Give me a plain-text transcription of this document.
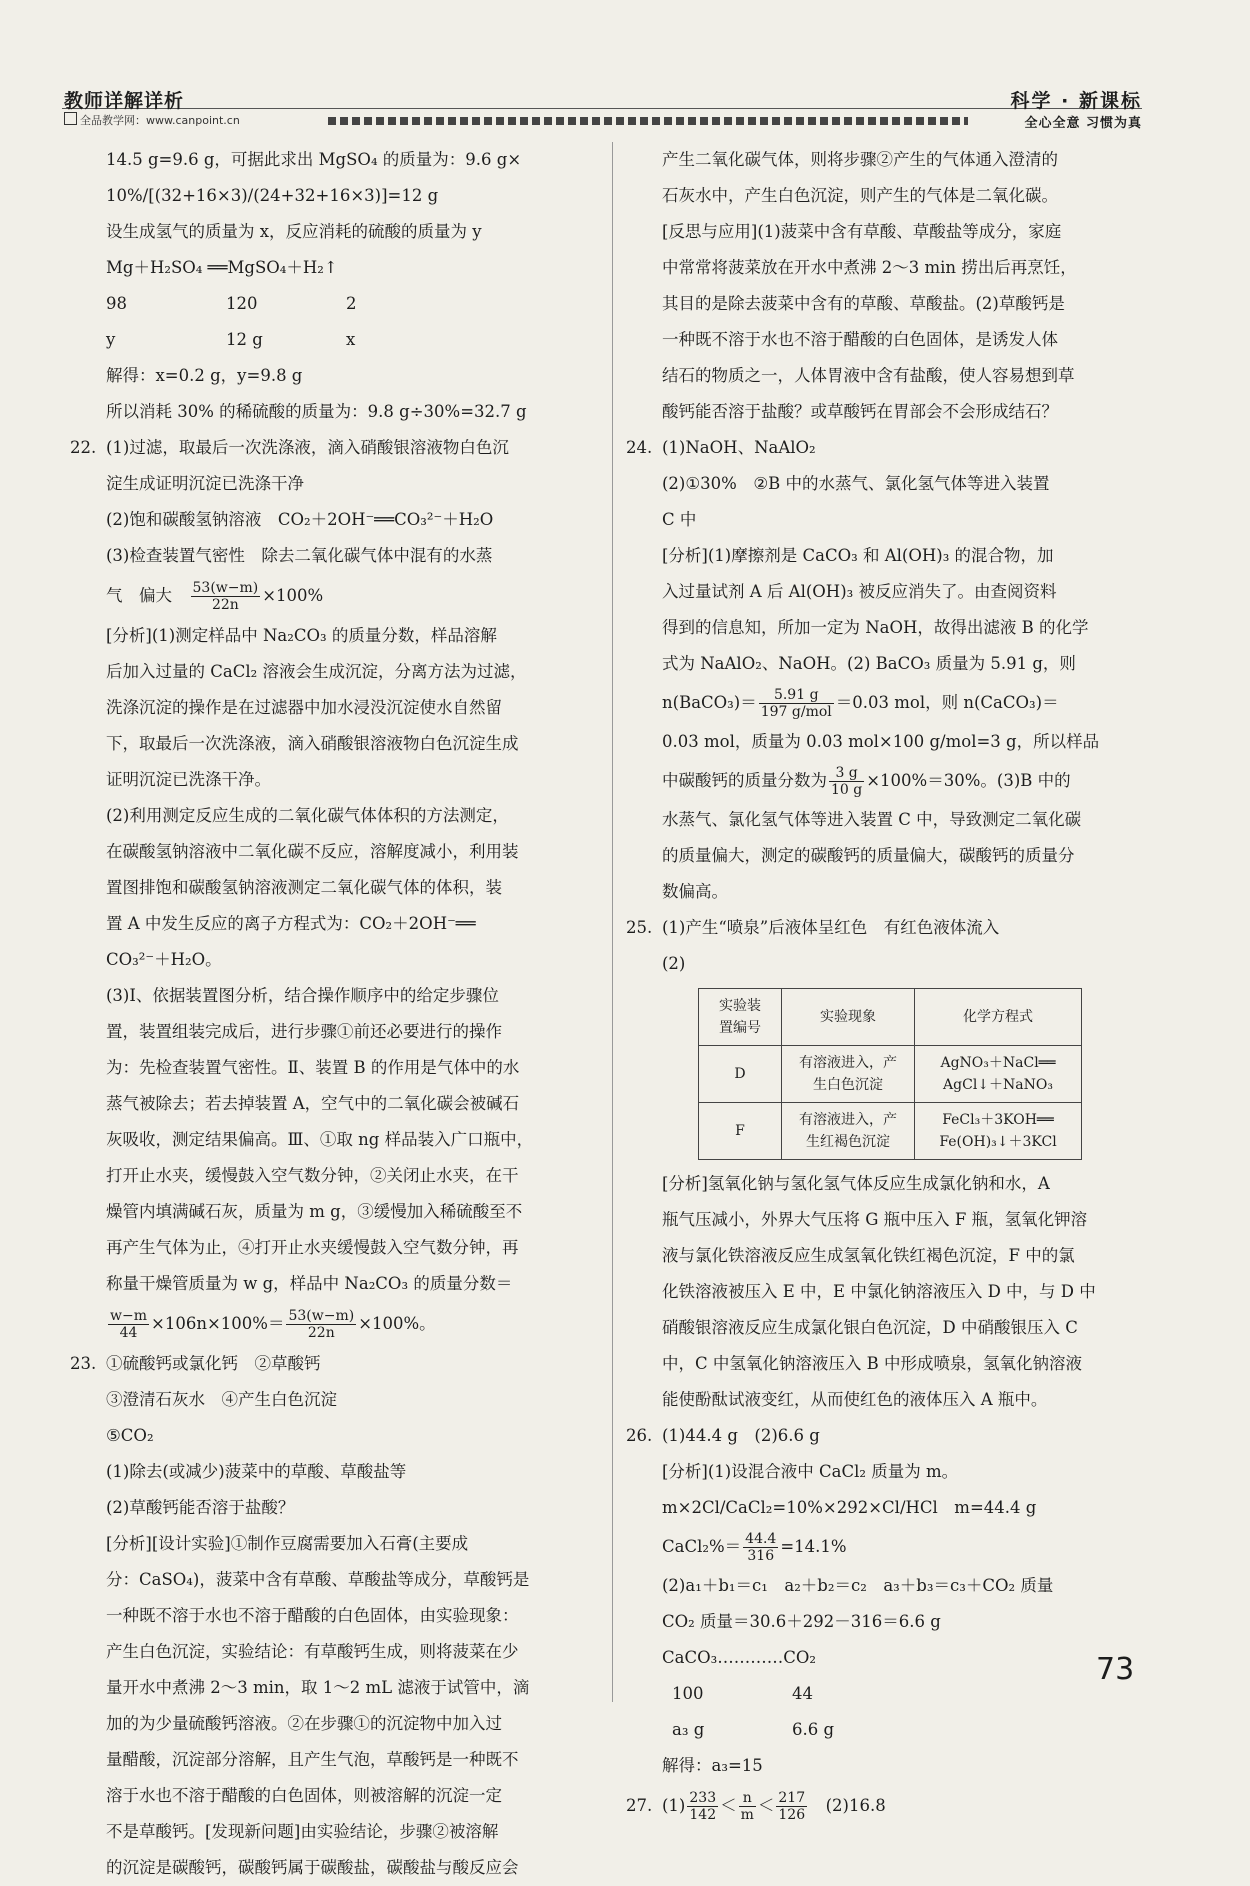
教师详解详析
全品教学网：www.canpoint.cn
科学 · 新课标
全心全意 习惯为真
14.5 g=9.6 g，可据此求出 MgSO₄ 的质量为：9.6 g×
10%/[(32+16×3)/(24+32+16×3)]=12 g
设生成氢气的质量为 x，反应消耗的硫酸的质量为 y
Mg＋H₂SO₄ ══MgSO₄＋H₂↑
98	120	2
y	12 g	x
解得：x=0.2 g，y=9.8 g
所以消耗 30% 的稀硫酸的质量为：9.8 g÷30%=32.7 g
22. (1)过滤，取最后一次洗涤液，滴入硝酸银溶液物白色沉
淀生成证明沉淀已洗涤干净
(2)饱和碳酸氢钠溶液　CO₂＋2OH⁻══CO₃²⁻＋H₂O
(3)检查装置气密性　除去二氧化碳气体中混有的水蒸
气　偏大　 $\frac{53(w-m)}{22n} \times 100\%$
[分析](1)测定样品中 Na₂CO₃ 的质量分数，样品溶解
后加入过量的 CaCl₂ 溶液会生成沉淀，分离方法为过滤，
洗涤沉淀的操作是在过滤器中加水浸没沉淀使水自然留
下，取最后一次洗涤液，滴入硝酸银溶液物白色沉淀生成
证明沉淀已洗涤干净。
(2)利用测定反应生成的二氧化碳气体体积的方法测定，
在碳酸氢钠溶液中二氧化碳不反应，溶解度减小，利用装
置图排饱和碳酸氢钠溶液测定二氧化碳气体的体积，装
置 A 中发生反应的离子方程式为：CO₂＋2OH⁻══
CO₃²⁻＋H₂O。
(3)Ⅰ、依据装置图分析，结合操作顺序中的给定步骤位
置，装置组装完成后，进行步骤①前还必要进行的操作
为：先检查装置气密性。Ⅱ、装置 B 的作用是气体中的水
蒸气被除去；若去掉装置 A，空气中的二氧化碳会被碱石
灰吸收，测定结果偏高。Ⅲ、①取 ng 样品装入广口瓶中，
打开止水夹，缓慢鼓入空气数分钟，②关闭止水夹，在干
燥管内填满碱石灰，质量为 m g，③缓慢加入稀硫酸至不
再产生气体为止，④打开止水夹缓慢鼓入空气数分钟，再
称量干燥管质量为 w g，样品中 Na₂CO₃ 的质量分数＝
$\frac{w-m}{44} \times 106n\times 100\%= \frac{53(w-m)}{22n} \times 100\%$。
23. ①硫酸钙或氯化钙　②草酸钙
③澄清石灰水　④产生白色沉淀
⑤CO₂
(1)除去(或减少)菠菜中的草酸、草酸盐等
(2)草酸钙能否溶于盐酸？
[分析][设计实验]①制作豆腐需要加入石膏(主要成
分：CaSO₄)，菠菜中含有草酸、草酸盐等成分，草酸钙是
一种既不溶于水也不溶于醋酸的白色固体，由实验现象：
产生白色沉淀，实验结论：有草酸钙生成，则将菠菜在少
量开水中煮沸 2～3 min，取 1～2 mL 滤液于试管中，滴
加的为少量硫酸钙溶液。②在步骤①的沉淀物中加入过
量醋酸，沉淀部分溶解，且产生气泡，草酸钙是一种既不
溶于水也不溶于醋酸的白色固体，则被溶解的沉淀一定
不是草酸钙。[发现新问题]由实验结论，步骤②被溶解
的沉淀是碳酸钙，碳酸钙属于碳酸盐，碳酸盐与酸反应会
产生二氧化碳气体，则将步骤②产生的气体通入澄清的
石灰水中，产生白色沉淀，则产生的气体是二氧化碳。
[反思与应用](1)菠菜中含有草酸、草酸盐等成分，家庭
中常常将菠菜放在开水中煮沸 2～3 min 捞出后再烹饪，
其目的是除去菠菜中含有的草酸、草酸盐。(2)草酸钙是
一种既不溶于水也不溶于醋酸的白色固体，是诱发人体
结石的物质之一，人体胃液中含有盐酸，使人容易想到草
酸钙能否溶于盐酸？或草酸钙在胃部会不会形成结石？
24. (1)NaOH、NaAlO₂
(2)①30%　②B 中的水蒸气、氯化氢气体等进入装置
C 中
[分析](1)摩擦剂是 CaCO₃ 和 Al(OH)₃ 的混合物，加
入过量试剂 A 后 Al(OH)₃ 被反应消失了。由查阅资料
得到的信息知，所加一定为 NaOH，故得出滤液 B 的化学
式为 NaAlO₂、NaOH。(2) BaCO₃ 质量为 5.91 g，则
n(BaCO₃)＝ $\frac{5.91 g}{\text{197 g/mol}} =0.03$ mol，则 n(CaCO₃)＝
0.03 mol，质量为 0.03 mol×100 g/mol=3 g，所以样品
中碳酸钙的质量分数为 $\frac{3 g}{10 g} \times 100\%=30\%$。(3)B 中的
水蒸气、氯化氢气体等进入装置 C 中，导致测定二氧化碳
的质量偏大，测定的碳酸钙的质量偏大，碳酸钙的质量分
数偏高。
25. (1)产生“喷泉”后液体呈红色　有红色液体流入
(2)
实验装
置编号	实验现象	化学方程式
D	有溶液进入，产
生白色沉淀	AgNO₃＋NaCl══
AgCl↓＋NaNO₃
F	有溶液进入，产
生红褐色沉淀	FeCl₃＋3KOH══
Fe(OH)₃↓＋3KCl
[分析]氢氧化钠与氢化氢气体反应生成氯化钠和水，A
瓶气压减小，外界大气压将 G 瓶中压入 F 瓶，氢氧化钾溶
液与氯化铁溶液反应生成氢氧化铁红褐色沉淀，F 中的氯
化铁溶液被压入 E 中，E 中氯化钠溶液压入 D 中，与 D 中
硝酸银溶液反应生成氯化银白色沉淀，D 中硝酸银压入 C
中，C 中氢氧化钠溶液压入 B 中形成喷泉，氢氧化钠溶液
能使酚酞试液变红，从而使红色的液体压入 A 瓶中。
26. (1)44.4 g　(2)6.6 g
[分析](1)设混合液中 CaCl₂ 质量为 m。
m×2Cl/CaCl₂=10%×292×Cl/HCl　m=44.4 g
CaCl₂%＝ $\frac{44.4}{316} =14.1\%$
(2)a₁＋b₁＝c₁　a₂＋b₂＝c₂　a₃＋b₃＝c₃＋CO₂ 质量
CO₂ 质量＝30.6＋292－316＝6.6 g
CaCO₃…………CO₂
100	44
a₃ g	6.6 g
解得：a₃=15
27. $(1) \frac{233}{142} < \frac{n}{m} < \frac{217}{126}$
　 (2)16.8
73
